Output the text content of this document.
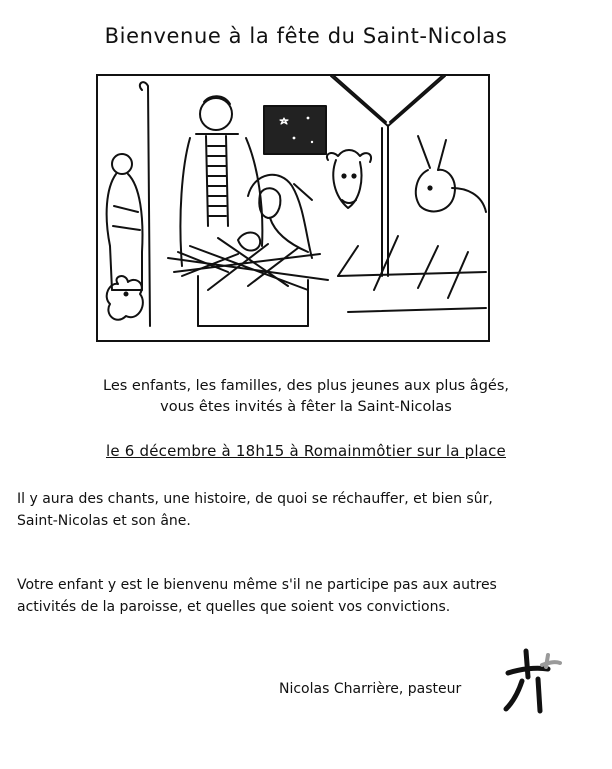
Bienvenue à la fête du Saint-Nicolas
Les enfants, les familles, des plus jeunes aux plus âgés,
vous êtes invités à fêter la Saint-Nicolas
le 6 décembre à 18h15 à Romainmôtier sur la place
Il y aura des chants, une histoire, de quoi se réchauffer, et bien sûr,
Saint-Nicolas et son âne.
Votre enfant y est le bienvenu même s'il ne participe pas aux autres
activités de la paroisse, et quelles que soient vos convictions.
Nicolas Charrière, pasteur
